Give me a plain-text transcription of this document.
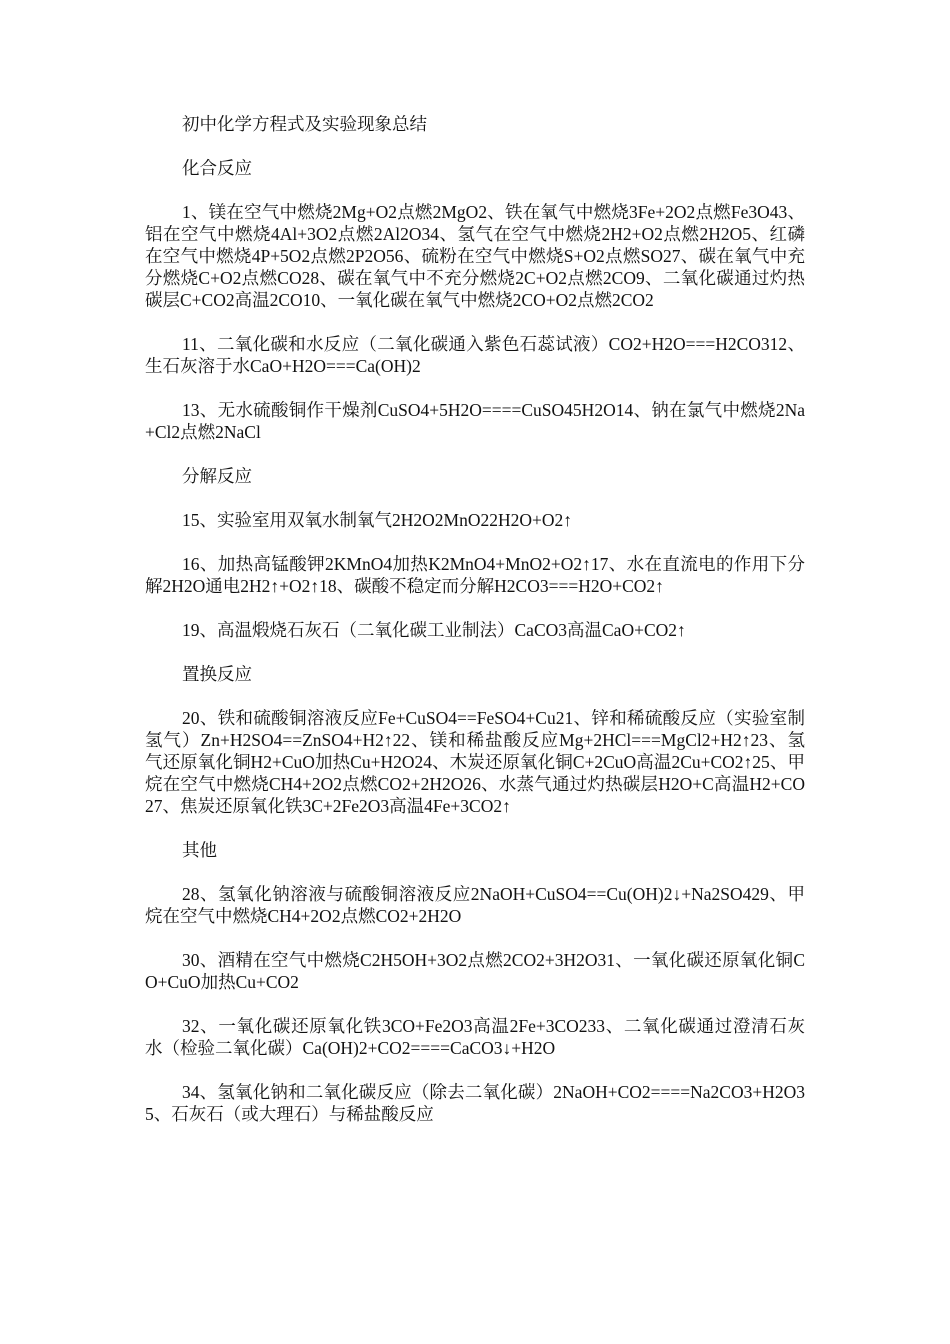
初中化学方程式及实验现象总结

化合反应

1、镁在空气中燃烧2Mg+O2点燃2MgO2、铁在氧气中燃烧3Fe+2O2点燃Fe3O43、铝在空气中燃烧4Al+3O2点燃2Al2O34、氢气在空气中燃烧2H2+O2点燃2H2O5、红磷在空气中燃烧4P+5O2点燃2P2O56、硫粉在空气中燃烧S+O2点燃SO27、碳在氧气中充分燃烧C+O2点燃CO28、碳在氧气中不充分燃烧2C+O2点燃2CO9、二氧化碳通过灼热碳层C+CO2高温2CO10、一氧化碳在氧气中燃烧2CO+O2点燃2CO2

11、二氧化碳和水反应（二氧化碳通入紫色石蕊试液）CO2+H2O===H2CO312、生石灰溶于水CaO+H2O===Ca(OH)2

13、无水硫酸铜作干燥剂CuSO4+5H2O====CuSO45H2O14、钠在氯气中燃烧2Na+Cl2点燃2NaCl

分解反应

15、实验室用双氧水制氧气2H2O2MnO22H2O+O2↑

16、加热高锰酸钾2KMnO4加热K2MnO4+MnO2+O2↑17、水在直流电的作用下分解2H2O通电2H2↑+O2↑18、碳酸不稳定而分解H2CO3===H2O+CO2↑

19、高温煅烧石灰石（二氧化碳工业制法）CaCO3高温CaO+CO2↑

置换反应

20、铁和硫酸铜溶液反应Fe+CuSO4==FeSO4+Cu21、锌和稀硫酸反应（实验室制氢气）Zn+H2SO4==ZnSO4+H2↑22、镁和稀盐酸反应Mg+2HCl===MgCl2+H2↑23、氢气还原氧化铜H2+CuO加热Cu+H2O24、木炭还原氧化铜C+2CuO高温2Cu+CO2↑25、甲烷在空气中燃烧CH4+2O2点燃CO2+2H2O26、水蒸气通过灼热碳层H2O+C高温H2+CO27、焦炭还原氧化铁3C+2Fe2O3高温4Fe+3CO2↑

其他

28、氢氧化钠溶液与硫酸铜溶液反应2NaOH+CuSO4==Cu(OH)2↓+Na2SO429、甲烷在空气中燃烧CH4+2O2点燃CO2+2H2O

30、酒精在空气中燃烧C2H5OH+3O2点燃2CO2+3H2O31、一氧化碳还原氧化铜CO+CuO加热Cu+CO2

32、一氧化碳还原氧化铁3CO+Fe2O3高温2Fe+3CO233、二氧化碳通过澄清石灰水（检验二氧化碳）Ca(OH)2+CO2====CaCO3↓+H2O

34、氢氧化钠和二氧化碳反应（除去二氧化碳）2NaOH+CO2====Na2CO3+H2O35、石灰石（或大理石）与稀盐酸反应
